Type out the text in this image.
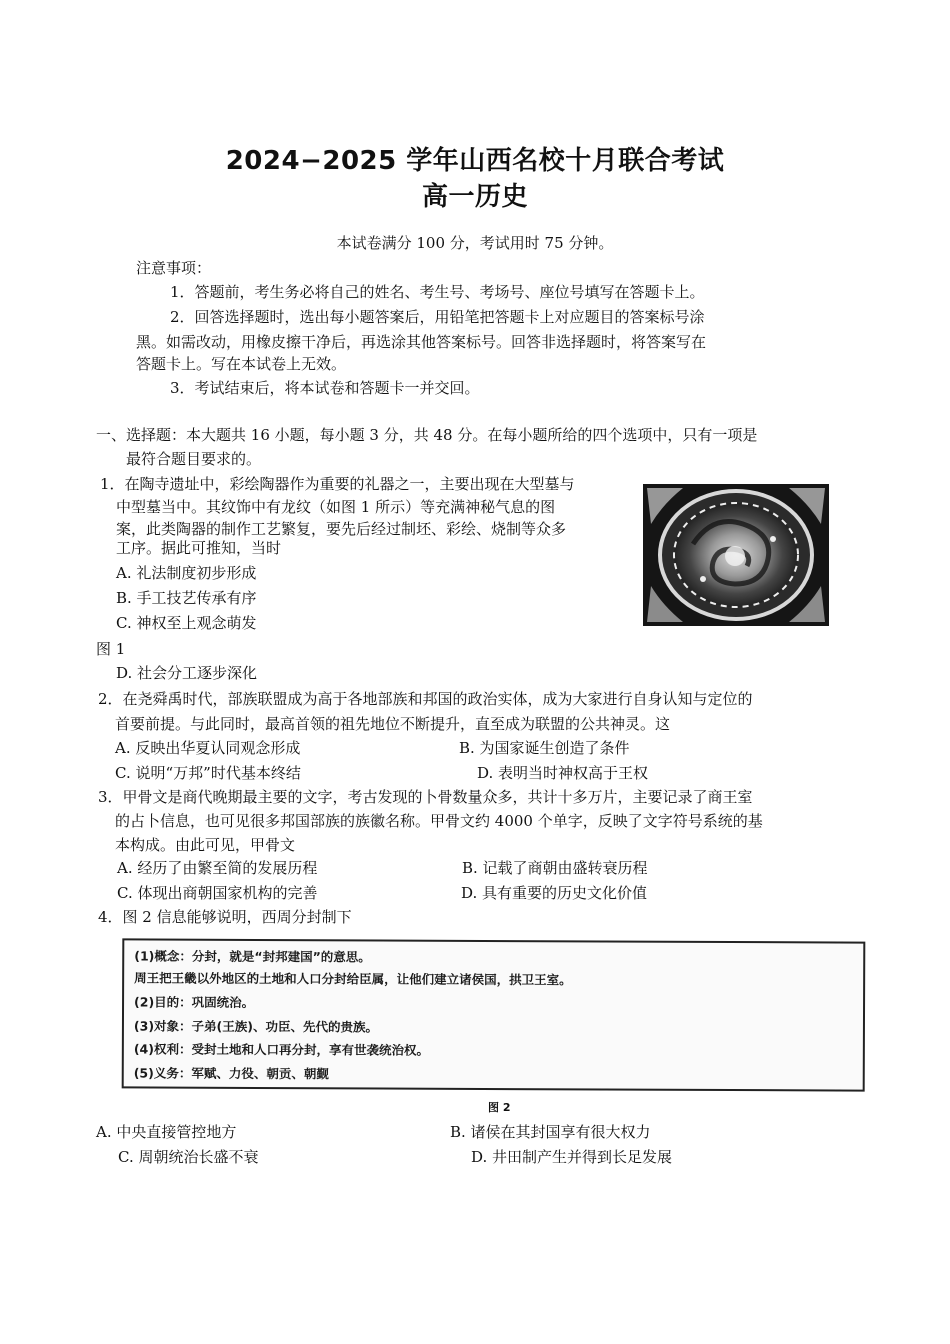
2024−2025 学年山西名校十月联合考试
高一历史
本试卷满分 100 分，考试用时 75 分钟。
注意事项：
1．答题前，考生务必将自己的姓名、考生号、考场号、座位号填写在答题卡上。
2．回答选择题时，选出每小题答案后，用铅笔把答题卡上对应题目的答案标号涂
黑。如需改动，用橡皮擦干净后，再选涂其他答案标号。回答非选择题时，将答案写在
答题卡上。写在本试卷上无效。
3．考试结束后，将本试卷和答题卡一并交回。
一、选择题：本大题共 16 小题，每小题 3 分，共 48 分。在每小题所给的四个选项中，只有一项是
最符合题目要求的。
1．在陶寺遗址中，彩绘陶器作为重要的礼器之一，主要出现在大型墓与
中型墓当中。其纹饰中有龙纹（如图 1 所示）等充满神秘气息的图
案，此类陶器的制作工艺繁复，要先后经过制坯、彩绘、烧制等众多
工序。据此可推知，当时
A. 礼法制度初步形成
B. 手工技艺传承有序
C. 神权至上观念萌发
图 1
D. 社会分工逐步深化
2．在尧舜禹时代，部族联盟成为高于各地部族和邦国的政治实体，成为大家进行自身认知与定位的
首要前提。与此同时，最高首领的祖先地位不断提升，直至成为联盟的公共神灵。这
A. 反映出华夏认同观念形成	B. 为国家诞生创造了条件
C. 说明“万邦”时代基本终结	D. 表明当时神权高于王权
3．甲骨文是商代晚期最主要的文字，考古发现的卜骨数量众多，共计十多万片，主要记录了商王室
的占卜信息，也可见很多邦国部族的族徽名称。甲骨文约 4000 个单字，反映了文字符号系统的基
本构成。由此可见，甲骨文
A. 经历了由繁至简的发展历程	B. 记载了商朝由盛转衰历程
C. 体现出商朝国家机构的完善	D. 具有重要的历史文化价值
4．图 2 信息能够说明，西周分封制下
(1)概念：分封，就是“封邦建国”的意思。
周王把王畿以外地区的土地和人口分封给臣属，让他们建立诸侯国，拱卫王室。
(2)目的：巩固统治。
(3)对象：子弟(王族)、功臣、先代的贵族。
(4)权利：受封土地和人口再分封，享有世袭统治权。
(5)义务：军赋、力役、朝贡、朝觐
图 2
A. 中央直接管控地方	B. 诸侯在其封国享有很大权力
C. 周朝统治长盛不衰	D. 井田制产生并得到长足发展
